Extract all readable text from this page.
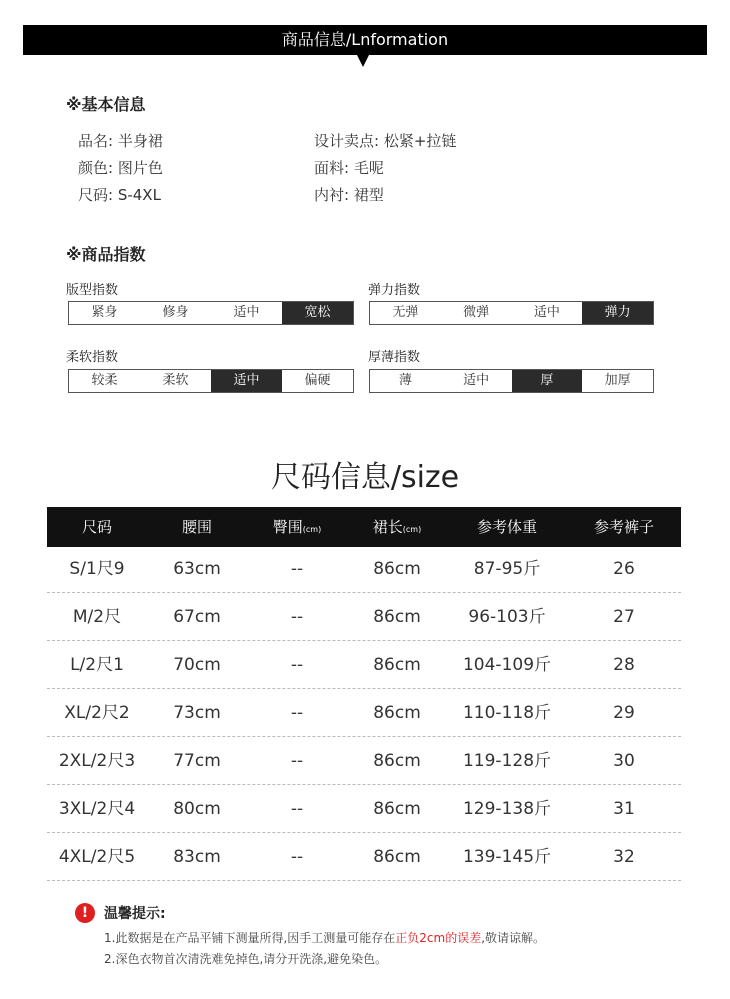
商品信息/Lnformation
※基本信息
品名: 半身裙
颜色: 图片色
尺码: S-4XL
设计卖点: 松紧+拉链
面料: 毛呢
内衬: 裙型
※商品指数
版型指数
紧身	修身	适中	宽松
弹力指数
无弹	微弹	适中	弹力
柔软指数
较柔	柔软	适中	偏硬
厚薄指数
薄	适中	厚	加厚
尺码信息/size
尺码	腰围	臀围(cm)	裙长(cm)	参考体重	参考裤子
S/1尺9	63cm	--	86cm	87-95斤	26
M/2尺	67cm	--	86cm	96-103斤	27
L/2尺1	70cm	--	86cm	104-109斤	28
XL/2尺2	73cm	--	86cm	110-118斤	29
2XL/2尺3	77cm	--	86cm	119-128斤	30
3XL/2尺4	80cm	--	86cm	129-138斤	31
4XL/2尺5	83cm	--	86cm	139-145斤	32
!	温馨提示:
1.此数据是在产品平铺下测量所得,因手工测量可能存在正负2cm的误差,敬请谅解。
2.深色衣物首次清洗难免掉色,请分开洗涤,避免染色。
